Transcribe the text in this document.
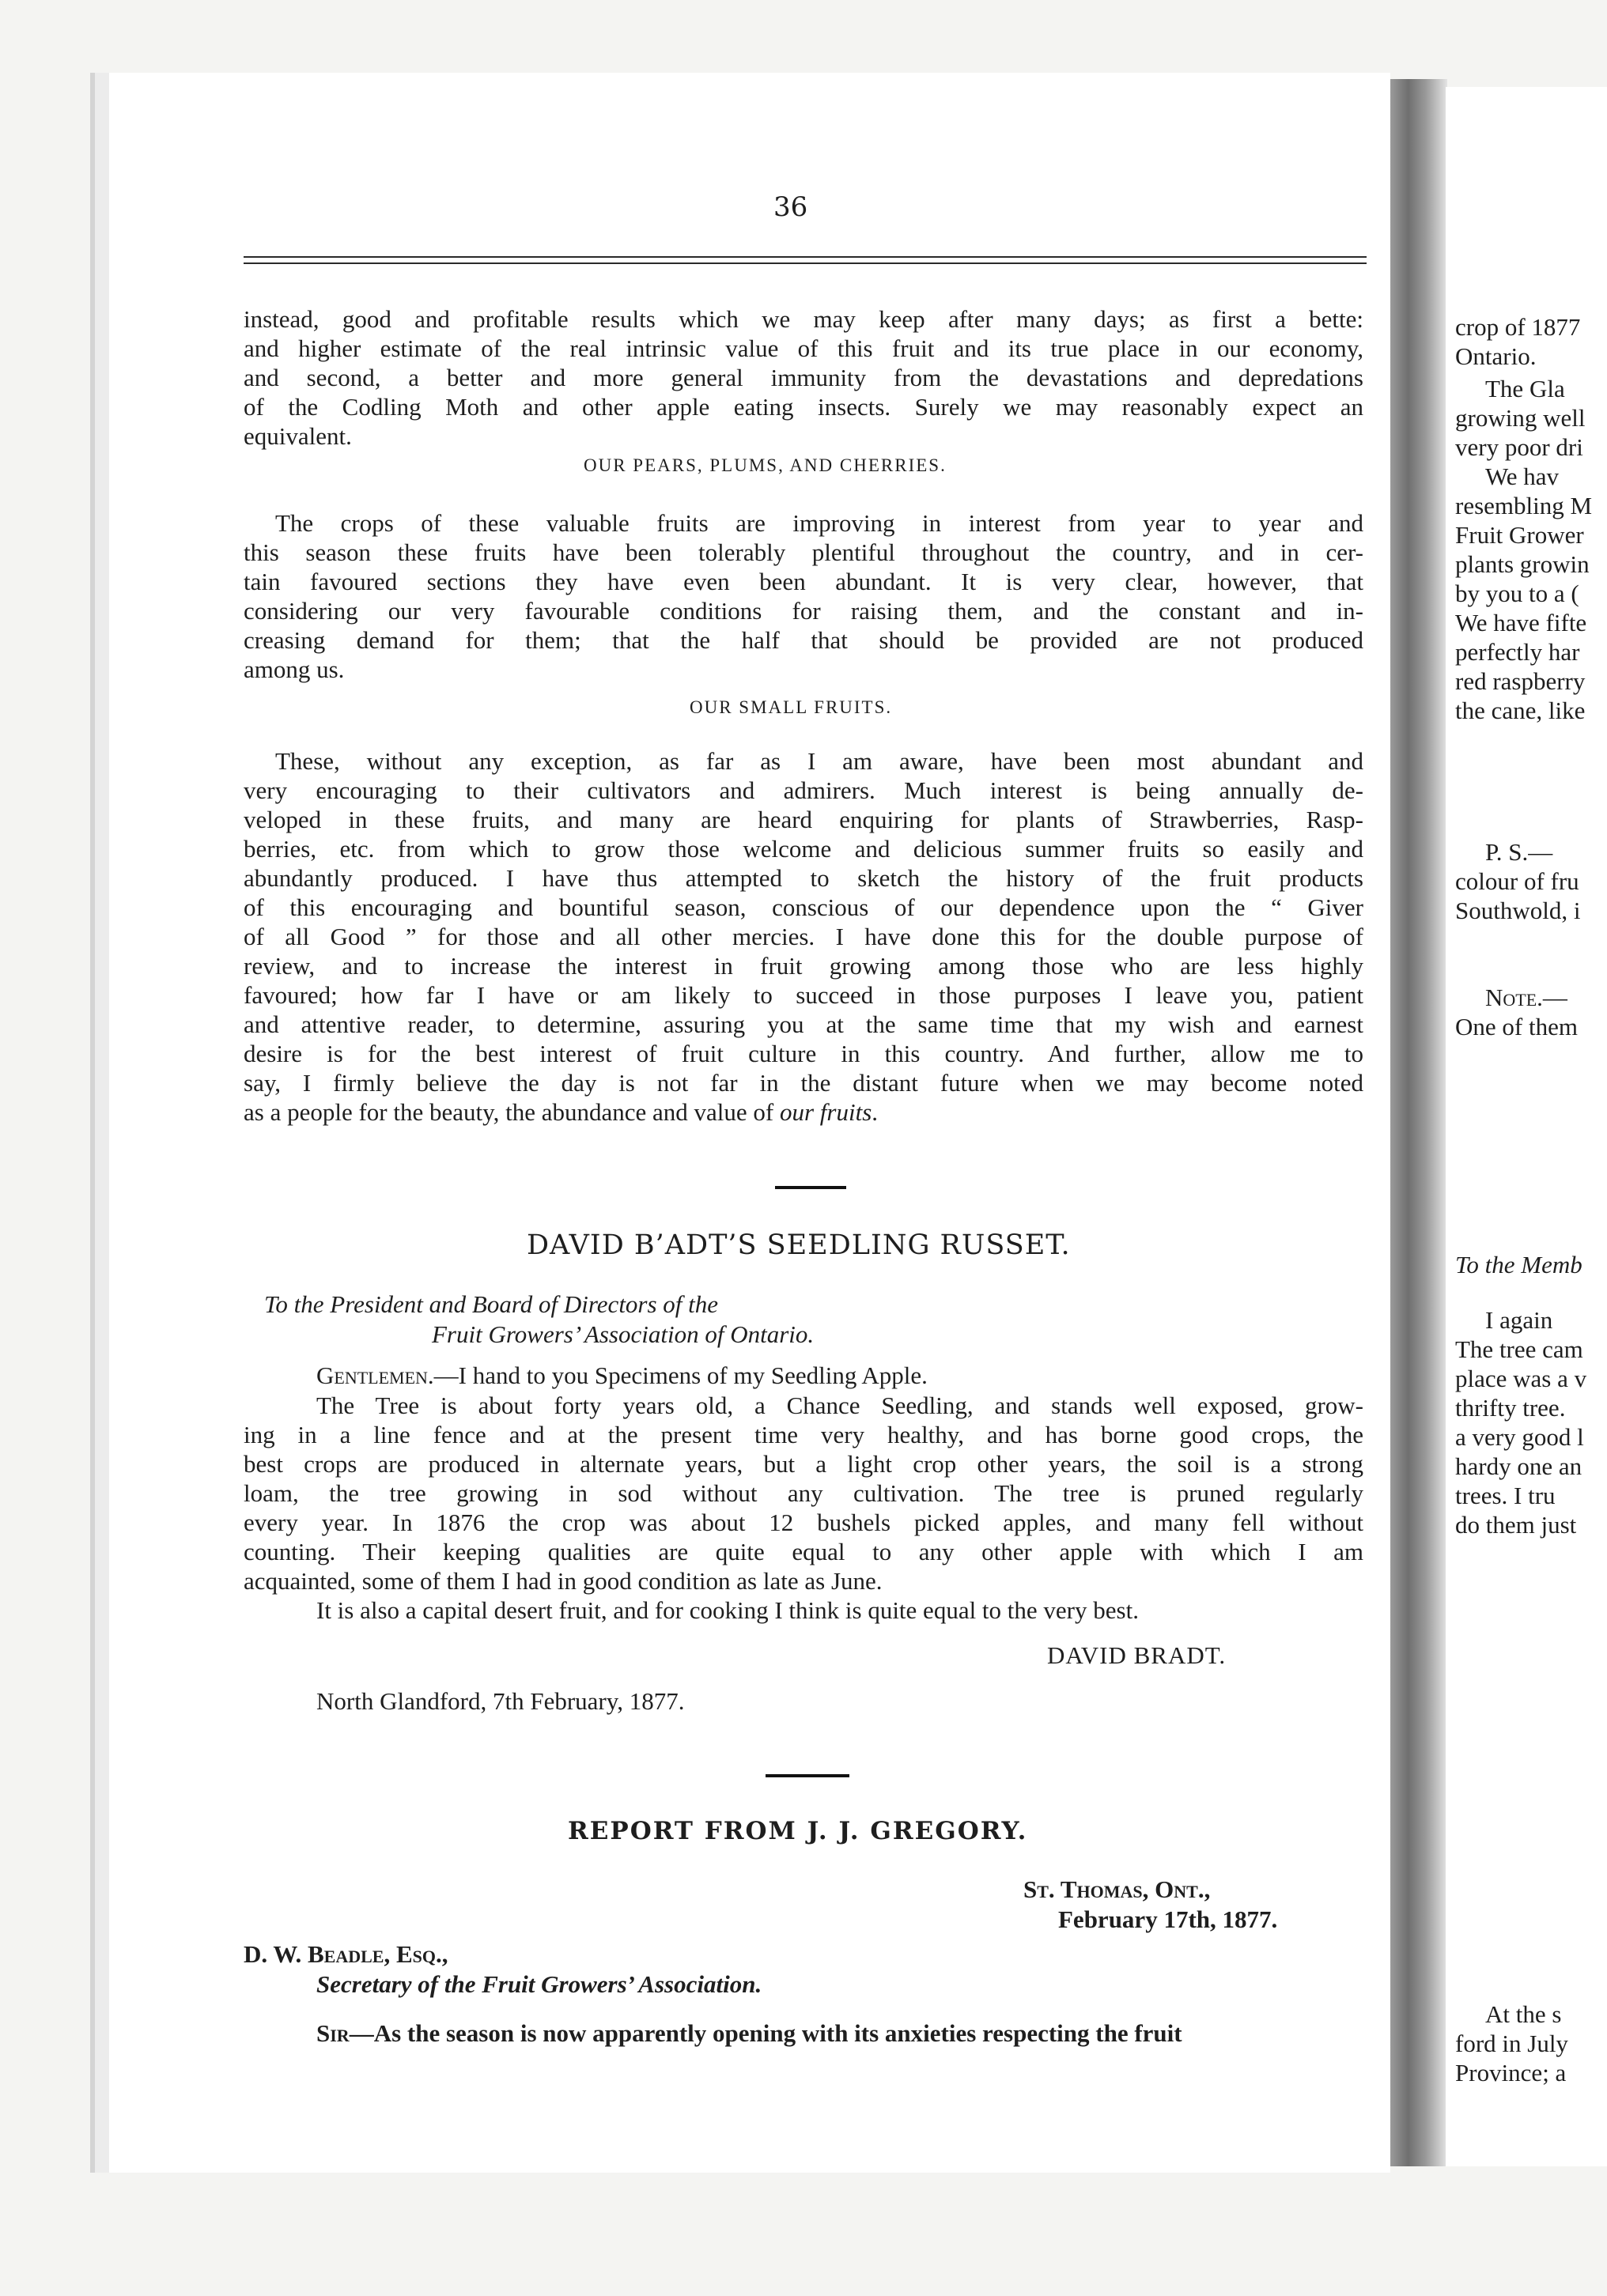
36
instead, good and profitable results which we may keep after many days; as first a bette:
and higher estimate of the real intrinsic value of this fruit and its true place in our economy,
and second, a better and more general immunity from the devastations and depredations
of the Codling Moth and other apple eating insects. Surely we may reasonably expect an
equivalent.
OUR PEARS, PLUMS, AND CHERRIES.
The crops of these valuable fruits are improving in interest from year to year and
this season these fruits have been tolerably plentiful throughout the country, and in cer-
tain favoured sections they have even been abundant. It is very clear, however, that
considering our very favourable conditions for raising them, and the constant and in-
creasing demand for them; that the half that should be provided are not produced
among us.
OUR SMALL FRUITS.
These, without any exception, as far as I am aware, have been most abundant and
very encouraging to their cultivators and admirers. Much interest is being annually de-
veloped in these fruits, and many are heard enquiring for plants of Strawberries, Rasp-
berries, etc. from which to grow those welcome and delicious summer fruits so easily and
abundantly produced. I have thus attempted to sketch the history of the fruit products
of this encouraging and bountiful season, conscious of our dependence upon the “ Giver
of all Good ” for those and all other mercies. I have done this for the double purpose of
review, and to increase the interest in fruit growing among those who are less highly
favoured; how far I have or am likely to succeed in those purposes I leave you, patient
and attentive reader, to determine, assuring you at the same time that my wish and earnest
desire is for the best interest of fruit culture in this country. And further, allow me to
say, I firmly believe the day is not far in the distant future when we may become noted
as a people for the beauty, the abundance and value of our fruits.
DAVID B’ADT’S SEEDLING RUSSET.
To the President and Board of Directors of the
Fruit Growers’ Association of Ontario.
Gentlemen.—I hand to you Specimens of my Seedling Apple.
The Tree is about forty years old, a Chance Seedling, and stands well exposed, grow-
ing in a line fence and at the present time very healthy, and has borne good crops, the
best crops are produced in alternate years, but a light crop other years, the soil is a strong
loam, the tree growing in sod without any cultivation. The tree is pruned regularly
every year. In 1876 the crop was about 12 bushels picked apples, and many fell without
counting. Their keeping qualities are quite equal to any other apple with which I am
acquainted, some of them I had in good condition as late as June.
It is also a capital desert fruit, and for cooking I think is quite equal to the very best.
DAVID BRADT.
North Glandford, 7th February, 1877.
REPORT FROM J. J. GREGORY.
St. Thomas, Ont.,
February 17th, 1877.
D. W. Beadle, Esq.,
Secretary of the Fruit Growers’ Association.
Sir—As the season is now apparently opening with its anxieties respecting the fruit
crop of 1877
Ontario.
The Gla
growing well
very poor dri
We hav
resembling M
Fruit Grower
plants growin
by you to a (
We have fifte
perfectly har
red raspberry
the cane, like
P. S.—
colour of fru
Southwold, i
Note.—
One of them
To the Memb
I again
The tree cam
place was a v
thrifty tree.
a very good l
hardy one an
trees. I tru
do them just
At the s
ford in July
Province; a
